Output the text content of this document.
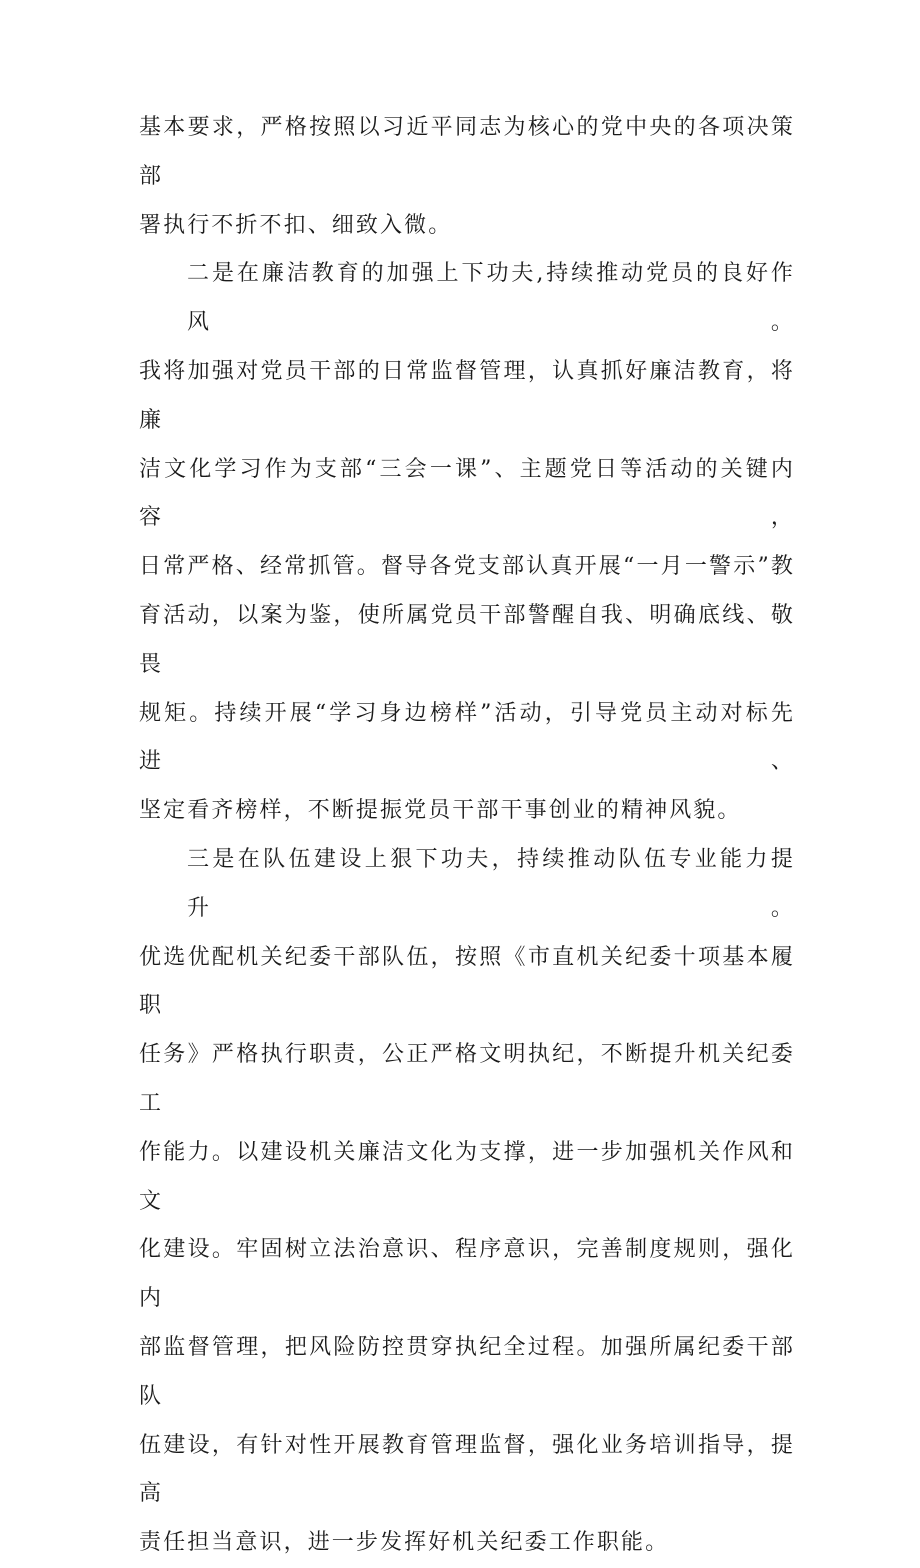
基本要求，严格按照以习近平同志为核心的党中央的各项决策部
署执行不折不扣、细致入微。

二是在廉洁教育的加强上下功夫,持续推动党员的良好作风。
我将加强对党员干部的日常监督管理，认真抓好廉洁教育，将廉
洁文化学习作为支部“三会一课”、主题党日等活动的关键内容，
日常严格、经常抓管。督导各党支部认真开展“一月一警示”教
育活动，以案为鉴，使所属党员干部警醒自我、明确底线、敬畏
规矩。持续开展“学习身边榜样”活动，引导党员主动对标先进、
坚定看齐榜样，不断提振党员干部干事创业的精神风貌。

三是在队伍建设上狠下功夫，持续推动队伍专业能力提升。
优选优配机关纪委干部队伍，按照《市直机关纪委十项基本履职
任务》严格执行职责，公正严格文明执纪，不断提升机关纪委工
作能力。以建设机关廉洁文化为支撑，进一步加强机关作风和文
化建设。牢固树立法治意识、程序意识，完善制度规则，强化内
部监督管理，把风险防控贯穿执纪全过程。加强所属纪委干部队
伍建设，有针对性开展教育管理监督，强化业务培训指导，提高
责任担当意识，进一步发挥好机关纪委工作职能。
